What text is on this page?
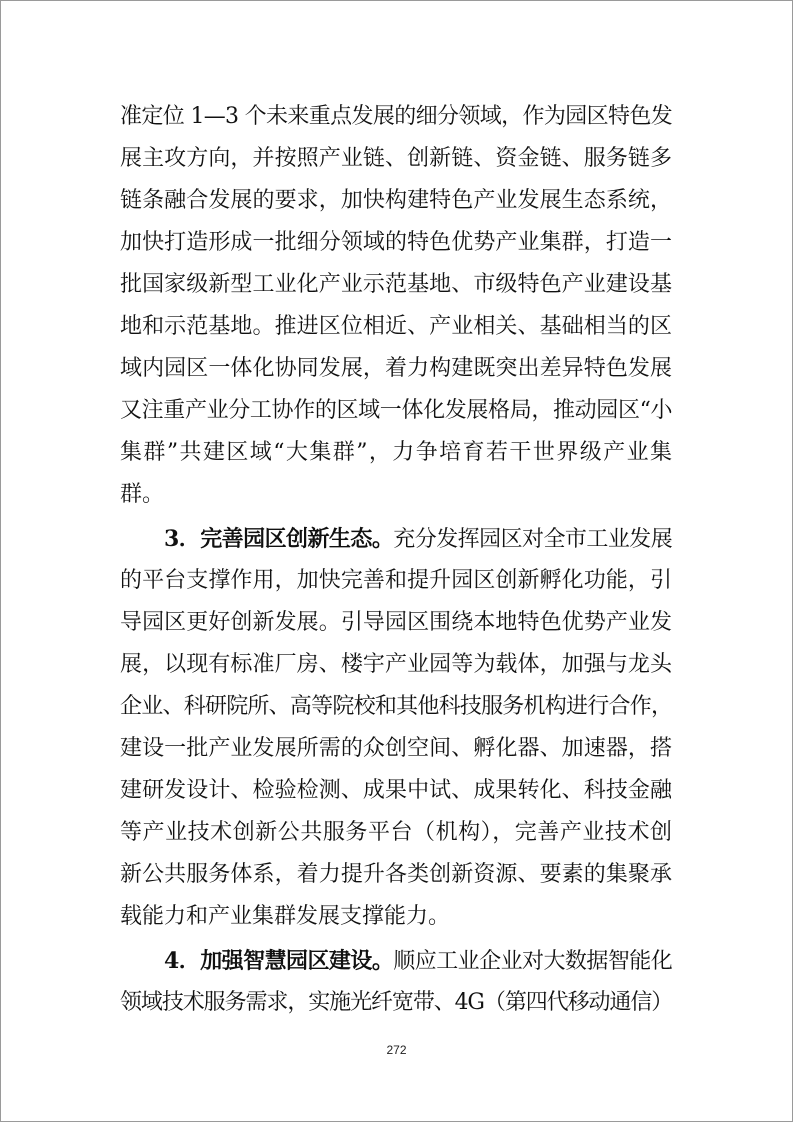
准定位 1—3 个未来重点发展的细分领域，作为园区特色发
展主攻方向，并按照产业链、创新链、资金链、服务链多
链条融合发展的要求，加快构建特色产业发展生态系统，
加快打造形成一批细分领域的特色优势产业集群，打造一
批国家级新型工业化产业示范基地、市级特色产业建设基
地和示范基地。推进区位相近、产业相关、基础相当的区
域内园区一体化协同发展，着力构建既突出差异特色发展
又注重产业分工协作的区域一体化发展格局，推动园区“小
集群”共建区域“大集群”，力争培育若干世界级产业集
群。
3．完善园区创新生态。充分发挥园区对全市工业发展
的平台支撑作用，加快完善和提升园区创新孵化功能，引
导园区更好创新发展。引导园区围绕本地特色优势产业发
展，以现有标准厂房、楼宇产业园等为载体，加强与龙头
企业、科研院所、高等院校和其他科技服务机构进行合作，
建设一批产业发展所需的众创空间、孵化器、加速器，搭
建研发设计、检验检测、成果中试、成果转化、科技金融
等产业技术创新公共服务平台（机构），完善产业技术创
新公共服务体系，着力提升各类创新资源、要素的集聚承
载能力和产业集群发展支撑能力。
4．加强智慧园区建设。顺应工业企业对大数据智能化
领域技术服务需求，实施光纤宽带、4G（第四代移动通信）
272
